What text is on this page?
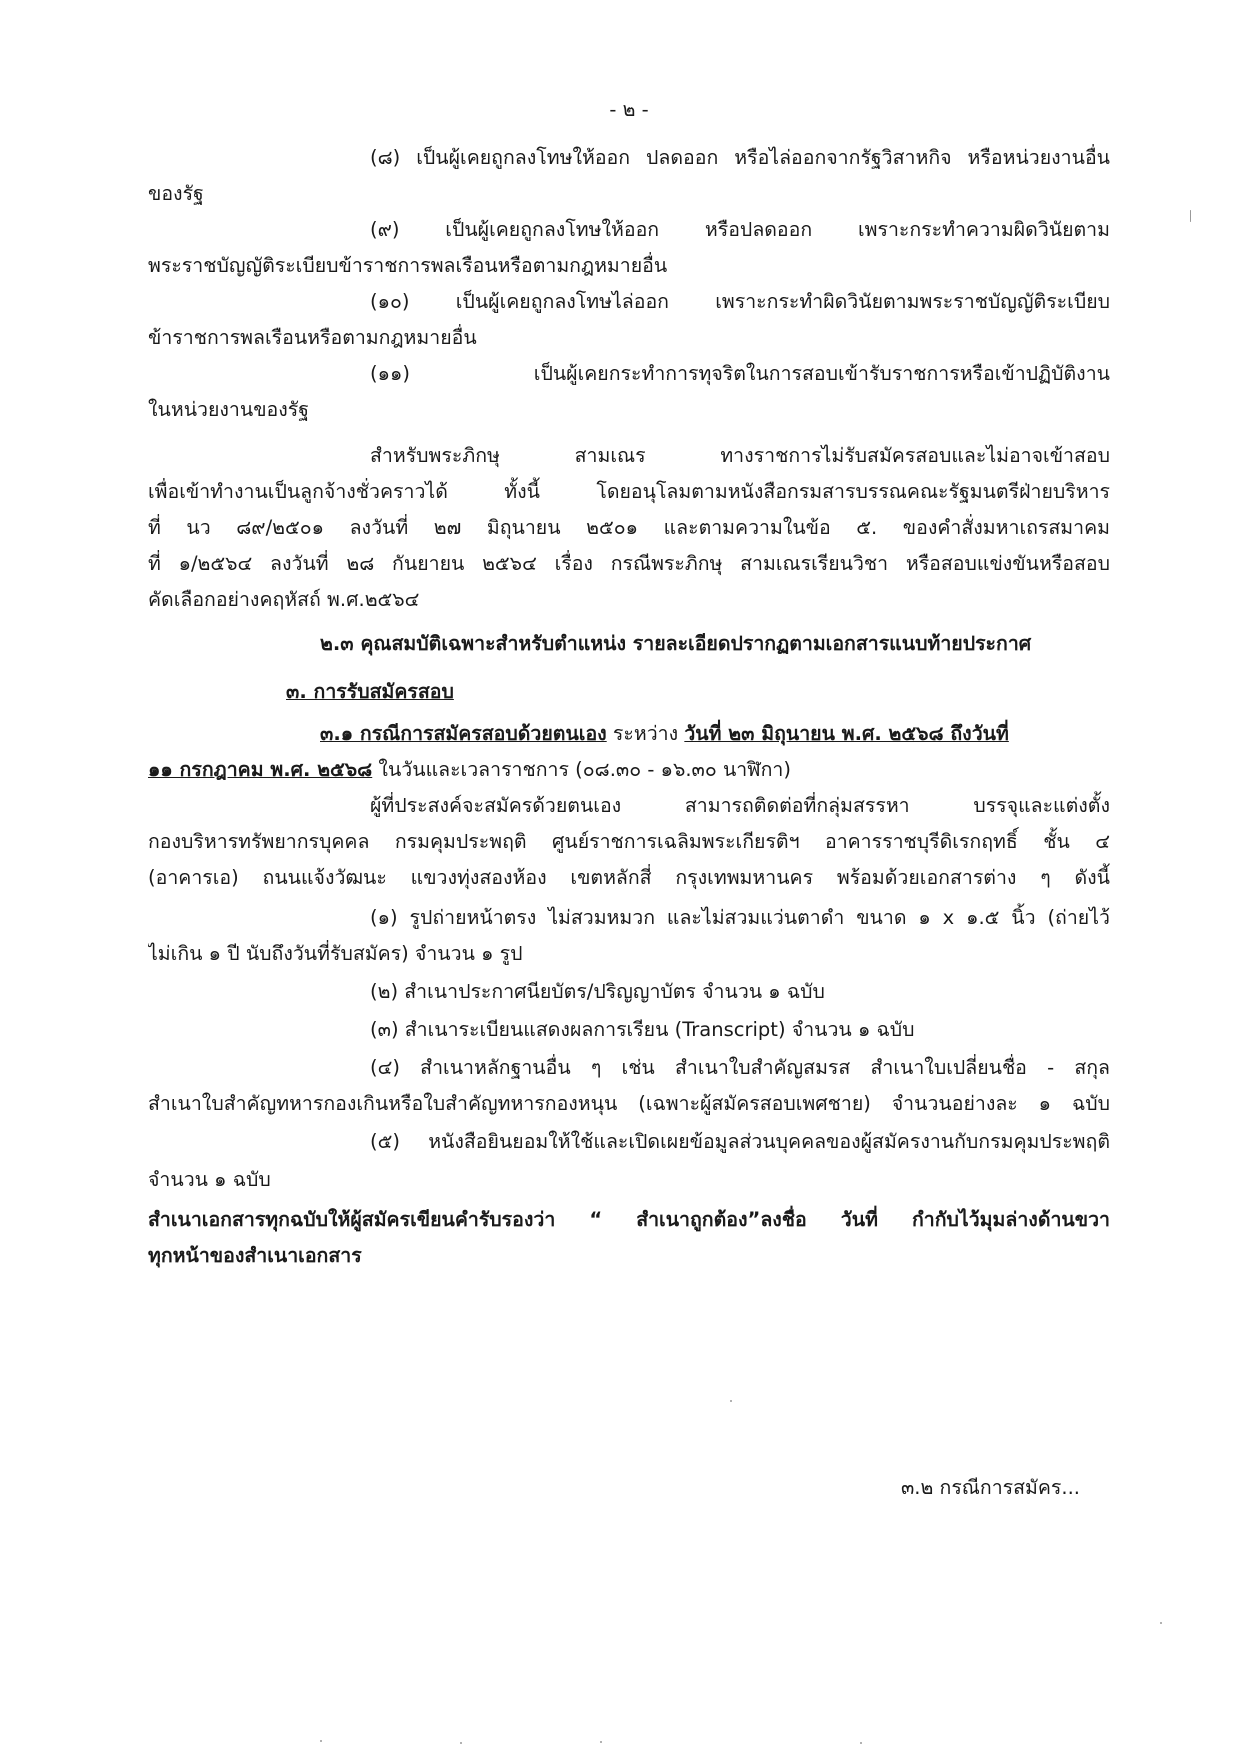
- ๒ -
(๘) เป็นผู้เคยถูกลงโทษให้ออก ปลดออก หรือไล่ออกจากรัฐวิสาหกิจ หรือหน่วยงานอื่น
ของรัฐ
(๙) เป็นผู้เคยถูกลงโทษให้ออก หรือปลดออก เพราะกระทำความผิดวินัยตาม
พระราชบัญญัติระเบียบข้าราชการพลเรือนหรือตามกฎหมายอื่น
(๑๐) เป็นผู้เคยถูกลงโทษไล่ออก เพราะกระทำผิดวินัยตามพระราชบัญญัติระเบียบ
ข้าราชการพลเรือนหรือตามกฎหมายอื่น
(๑๑) เป็นผู้เคยกระทำการทุจริตในการสอบเข้ารับราชการหรือเข้าปฏิบัติงาน
ในหน่วยงานของรัฐ
สำหรับพระภิกษุ สามเณร ทางราชการไม่รับสมัครสอบและไม่อาจเข้าสอบ
เพื่อเข้าทำงานเป็นลูกจ้างชั่วคราวได้ ทั้งนี้ โดยอนุโลมตามหนังสือกรมสารบรรณคณะรัฐมนตรีฝ่ายบริหาร
ที่ นว ๘๙/๒๕๐๑ ลงวันที่ ๒๗ มิถุนายน ๒๕๐๑ และตามความในข้อ ๕. ของคำสั่งมหาเถรสมาคม
ที่ ๑/๒๕๖๔ ลงวันที่ ๒๘ กันยายน ๒๕๖๔ เรื่อง กรณีพระภิกษุ สามเณรเรียนวิชา หรือสอบแข่งขันหรือสอบ
คัดเลือกอย่างคฤหัสถ์ พ.ศ.๒๕๖๔
๒.๓ คุณสมบัติเฉพาะสำหรับตำแหน่ง รายละเอียดปรากฏตามเอกสารแนบท้ายประกาศ
๓. การรับสมัครสอบ
๓.๑ กรณีการสมัครสอบด้วยตนเอง ระหว่าง วันที่ ๒๓ มิถุนายน พ.ศ. ๒๕๖๘ ถึงวันที่
๑๑ กรกฎาคม พ.ศ. ๒๕๖๘ ในวันและเวลาราชการ (๐๘.๓๐ - ๑๖.๓๐ นาฬิกา)
ผู้ที่ประสงค์จะสมัครด้วยตนเอง สามารถติดต่อที่กลุ่มสรรหา บรรจุและแต่งตั้ง
กองบริหารทรัพยากรบุคคล กรมคุมประพฤติ ศูนย์ราชการเฉลิมพระเกียรติฯ อาคารราชบุรีดิเรกฤทธิ์ ชั้น ๔
(อาคารเอ) ถนนแจ้งวัฒนะ แขวงทุ่งสองห้อง เขตหลักสี่ กรุงเทพมหานคร พร้อมด้วยเอกสารต่าง ๆ ดังนี้
(๑) รูปถ่ายหน้าตรง ไม่สวมหมวก และไม่สวมแว่นตาดำ ขนาด ๑ x ๑.๕ นิ้ว (ถ่ายไว้
ไม่เกิน ๑ ปี นับถึงวันที่รับสมัคร) จำนวน ๑ รูป
(๒) สำเนาประกาศนียบัตร/ปริญญาบัตร จำนวน ๑ ฉบับ
(๓) สำเนาระเบียนแสดงผลการเรียน (Transcript) จำนวน ๑ ฉบับ
(๔) สำเนาหลักฐานอื่น ๆ เช่น สำเนาใบสำคัญสมรส สำเนาใบเปลี่ยนชื่อ - สกุล
สำเนาใบสำคัญทหารกองเกินหรือใบสำคัญทหารกองหนุน (เฉพาะผู้สมัครสอบเพศชาย) จำนวนอย่างละ ๑ ฉบับ
(๕) หนังสือยินยอมให้ใช้และเปิดเผยข้อมูลส่วนบุคคลของผู้สมัครงานกับกรมคุมประพฤติ
จำนวน ๑ ฉบับ
สำเนาเอกสารทุกฉบับให้ผู้สมัครเขียนคำรับรองว่า “ สำเนาถูกต้อง”ลงชื่อ วันที่ กำกับไว้มุมล่างด้านขวา
ทุกหน้าของสำเนาเอกสาร
๓.๒ กรณีการสมัคร...
